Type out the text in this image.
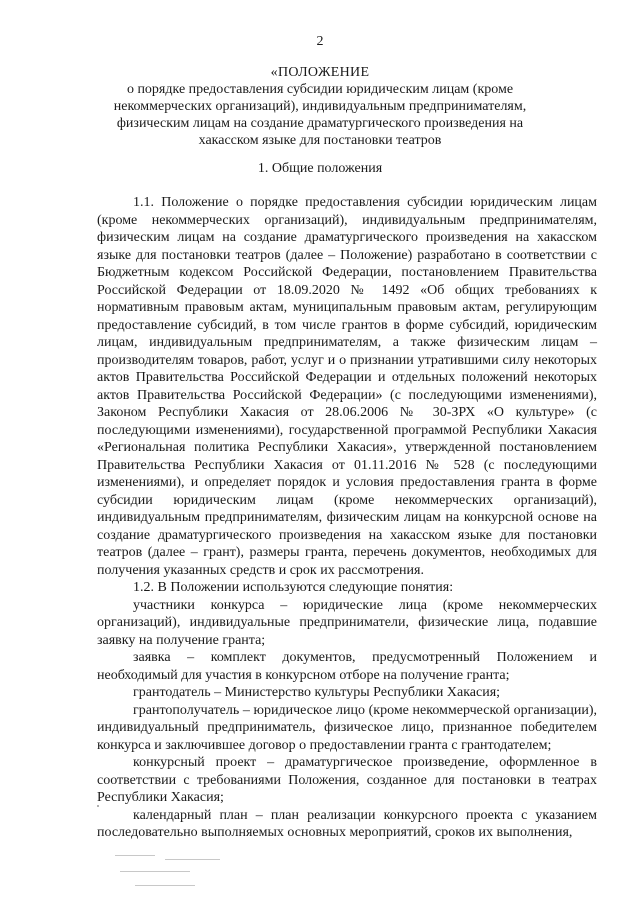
2
«ПОЛОЖЕНИЕ
о порядке предоставления субсидии юридическим лицам (кроме некоммерческих организаций), индивидуальным предпринимателям, физическим лицам на создание драматургического произведения на хакасском языке для постановки театров
1. Общие положения

1.1. Положение о порядке предоставления субсидии юридическим лицам (кроме некоммерческих организаций), индивидуальным предпринимателям, физическим лицам на создание драматургического произведения на хакасском языке для постановки театров (далее – Положение) разработано в соответствии с Бюджетным кодексом Российской Федерации, постановлением Правительства Российской Федерации от 18.09.2020 № 1492 «Об общих требованиях к нормативным правовым актам, муниципальным правовым актам, регулирующим предоставление субсидий, в том числе грантов в форме субсидий, юридическим лицам, индивидуальным предпринимателям, а также физическим лицам – производителям товаров, работ, услуг и о признании утратившими силу некоторых актов Правительства Российской Федерации и отдельных положений некоторых актов Правительства Российской Федерации» (с последующими изменениями), Законом Республики Хакасия от 28.06.2006 № 30-ЗРХ «О культуре» (с последующими изменениями), государственной программой Республики Хакасия «Региональная политика Республики Хакасия», утвержденной постановлением Правительства Республики Хакасия от 01.11.2016 № 528 (с последующими изменениями), и определяет порядок и условия предоставления гранта в форме субсидии юридическим лицам (кроме некоммерческих организаций), индивидуальным предпринимателям, физическим лицам на конкурсной основе на создание драматургического произведения на хакасском языке для постановки театров (далее – грант), размеры гранта, перечень документов, необходимых для получения указанных средств и срок их рассмотрения.

1.2. В Положении используются следующие понятия:

участники конкурса – юридические лица (кроме некоммерческих организаций), индивидуальные предприниматели, физические лица, подавшие заявку на получение гранта;

заявка – комплект документов, предусмотренный Положением и необходимый для участия в конкурсном отборе на получение гранта;

грантодатель – Министерство культуры Республики Хакасия;

грантополучатель – юридическое лицо (кроме некоммерческой организации), индивидуальный предприниматель, физическое лицо, признанное победителем конкурса и заключившее договор о предоставлении гранта с грантодателем;

конкурсный проект – драматургическое произведение, оформленное в соответствии с требованиями Положения, созданное для постановки в театрах Республики Хакасия;

календарный план – план реализации конкурсного проекта с указанием последовательно выполняемых основных мероприятий, сроков их выполнения,
